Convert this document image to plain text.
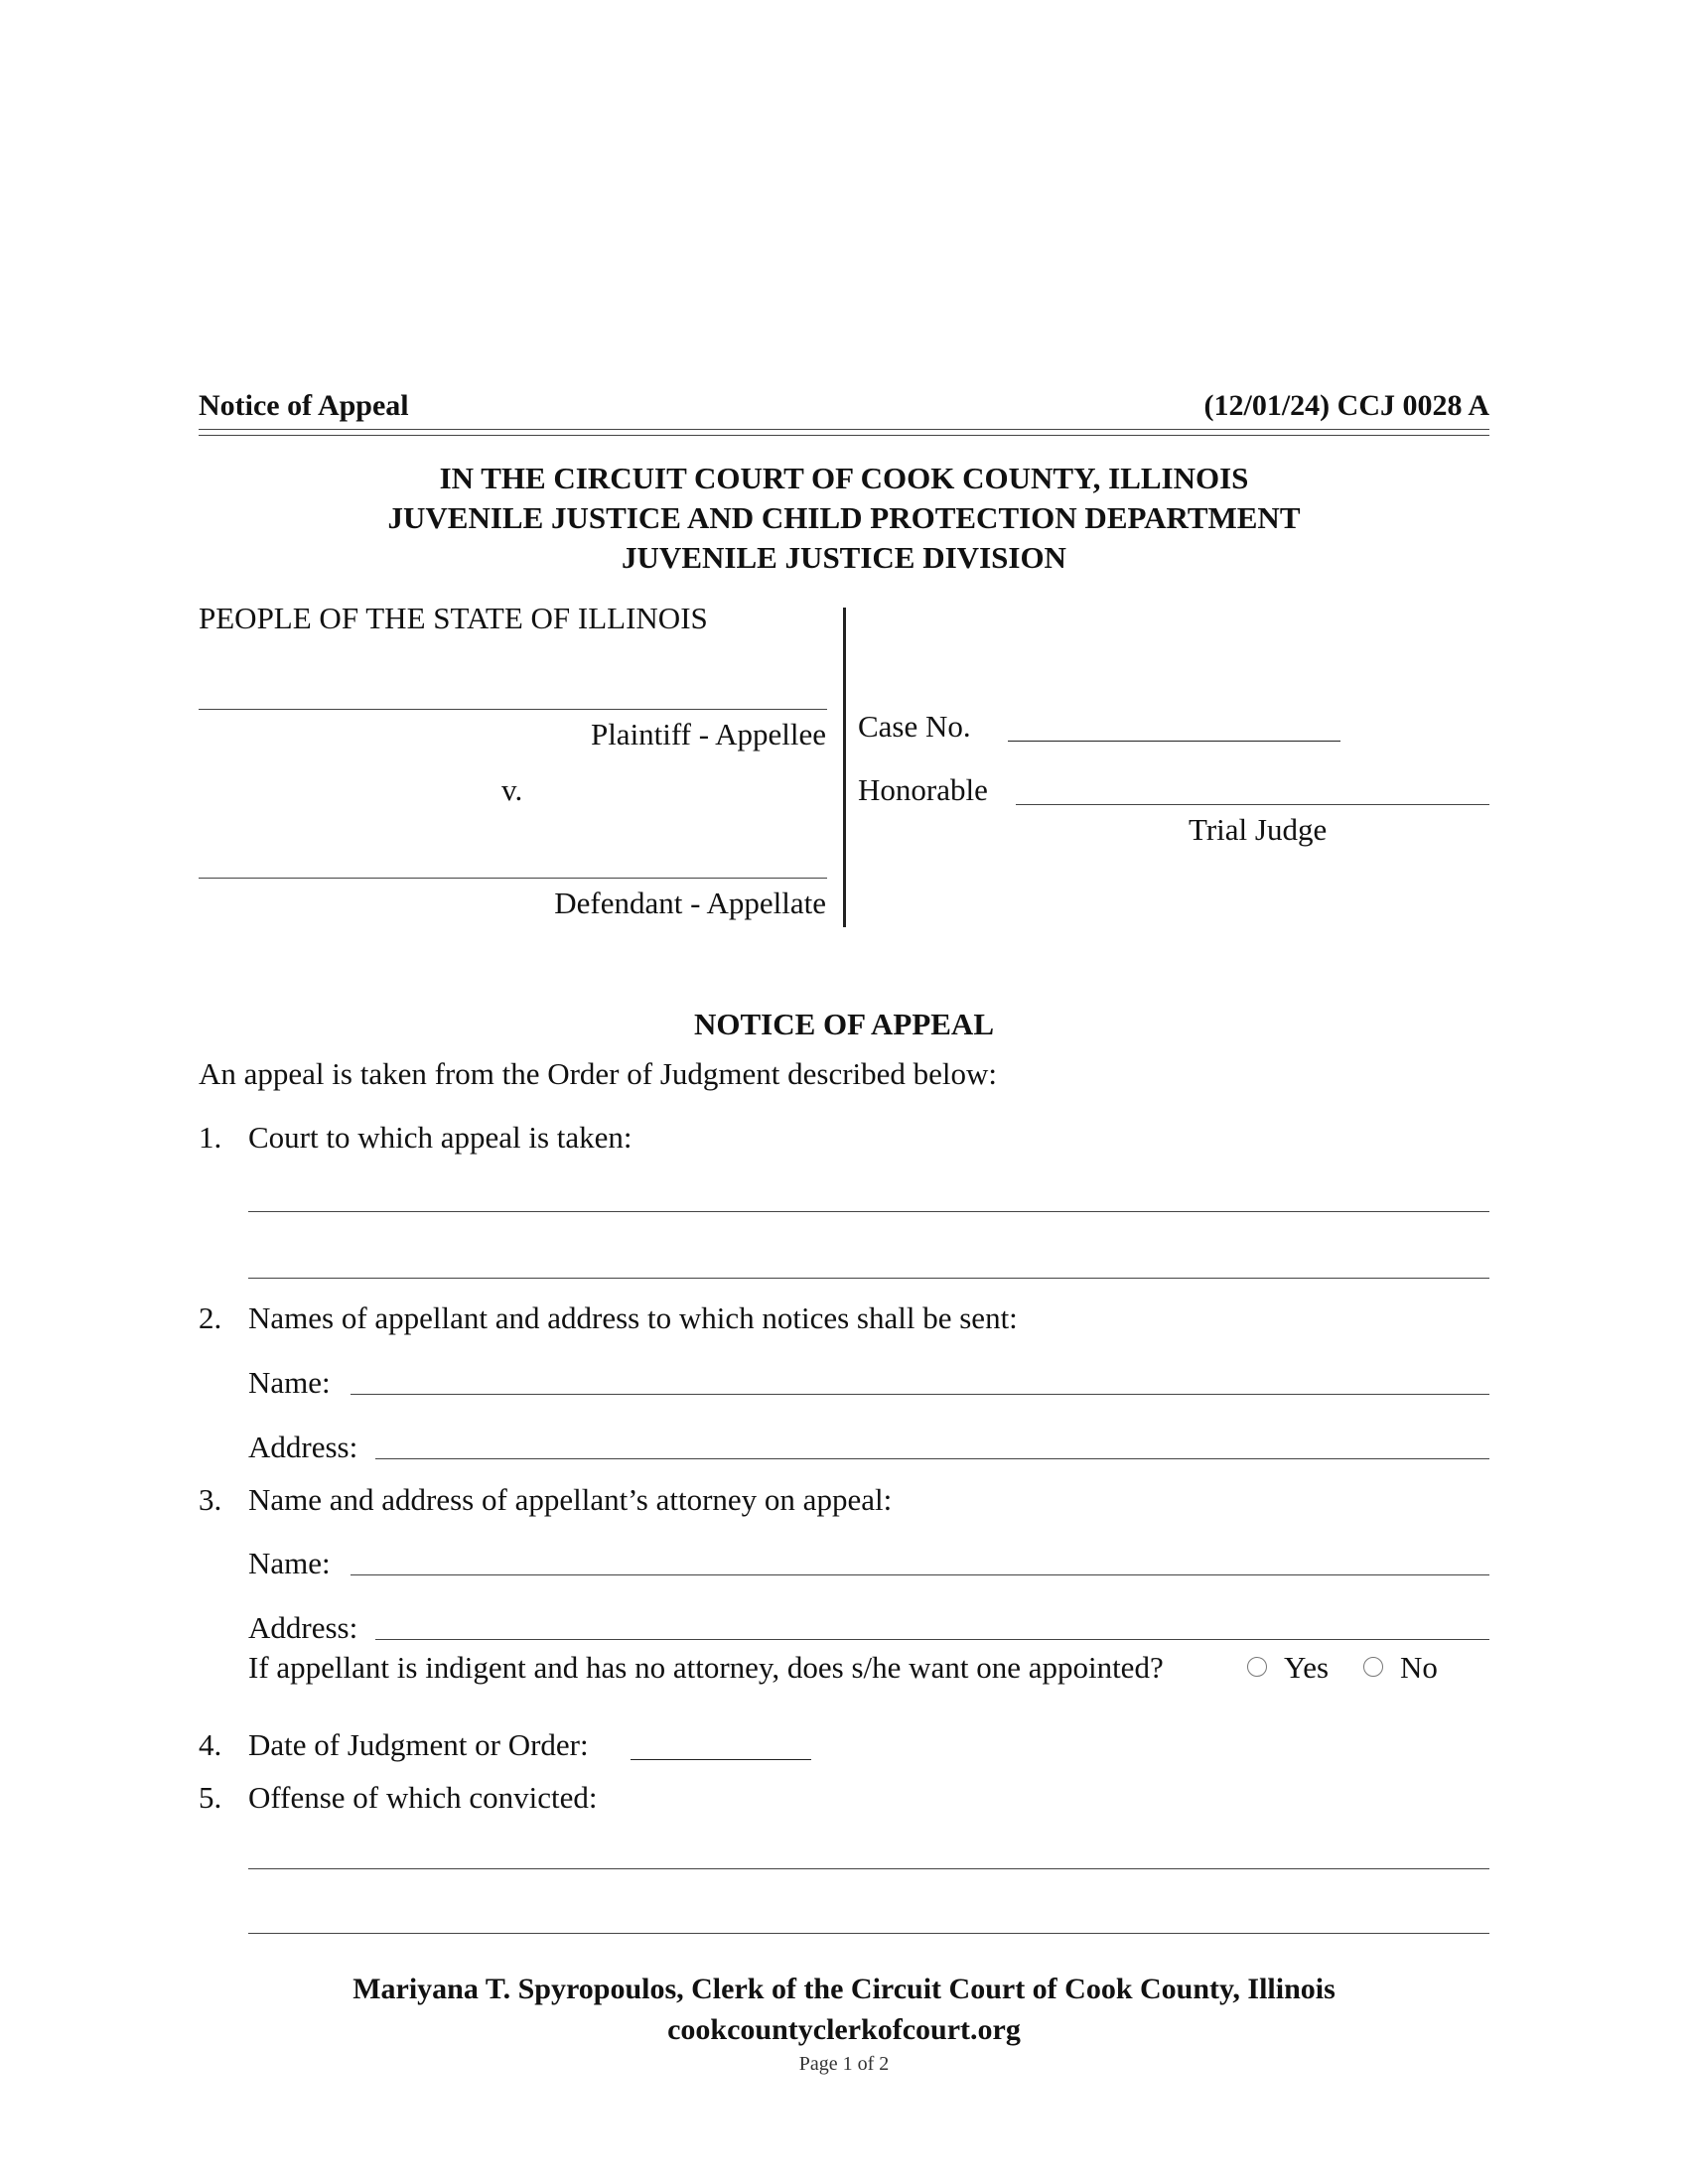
Notice of Appeal	(12/01/24) CCJ 0028 A
IN THE CIRCUIT COURT OF COOK COUNTY, ILLINOIS
JUVENILE JUSTICE AND CHILD PROTECTION DEPARTMENT
JUVENILE JUSTICE DIVISION
PEOPLE OF THE STATE OF ILLINOIS
Plaintiff - Appellee
v.
Defendant - Appellate
Case No.
Honorable
Trial Judge
NOTICE OF APPEAL
An appeal is taken from the Order of Judgment described below:
1. Court to which appeal is taken:
2. Names of appellant and address to which notices shall be sent:
Name:
Address:
3. Name and address of appellant’s attorney on appeal:
Name:
Address:
If appellant is indigent and has no attorney, does s/he want one appointed?	Yes No
4. Date of Judgment or Order:
5. Offense of which convicted:
Mariyana T. Spyropoulos, Clerk of the Circuit Court of Cook County, Illinois
cookcountyclerkofcourt.org
Page 1 of 2
